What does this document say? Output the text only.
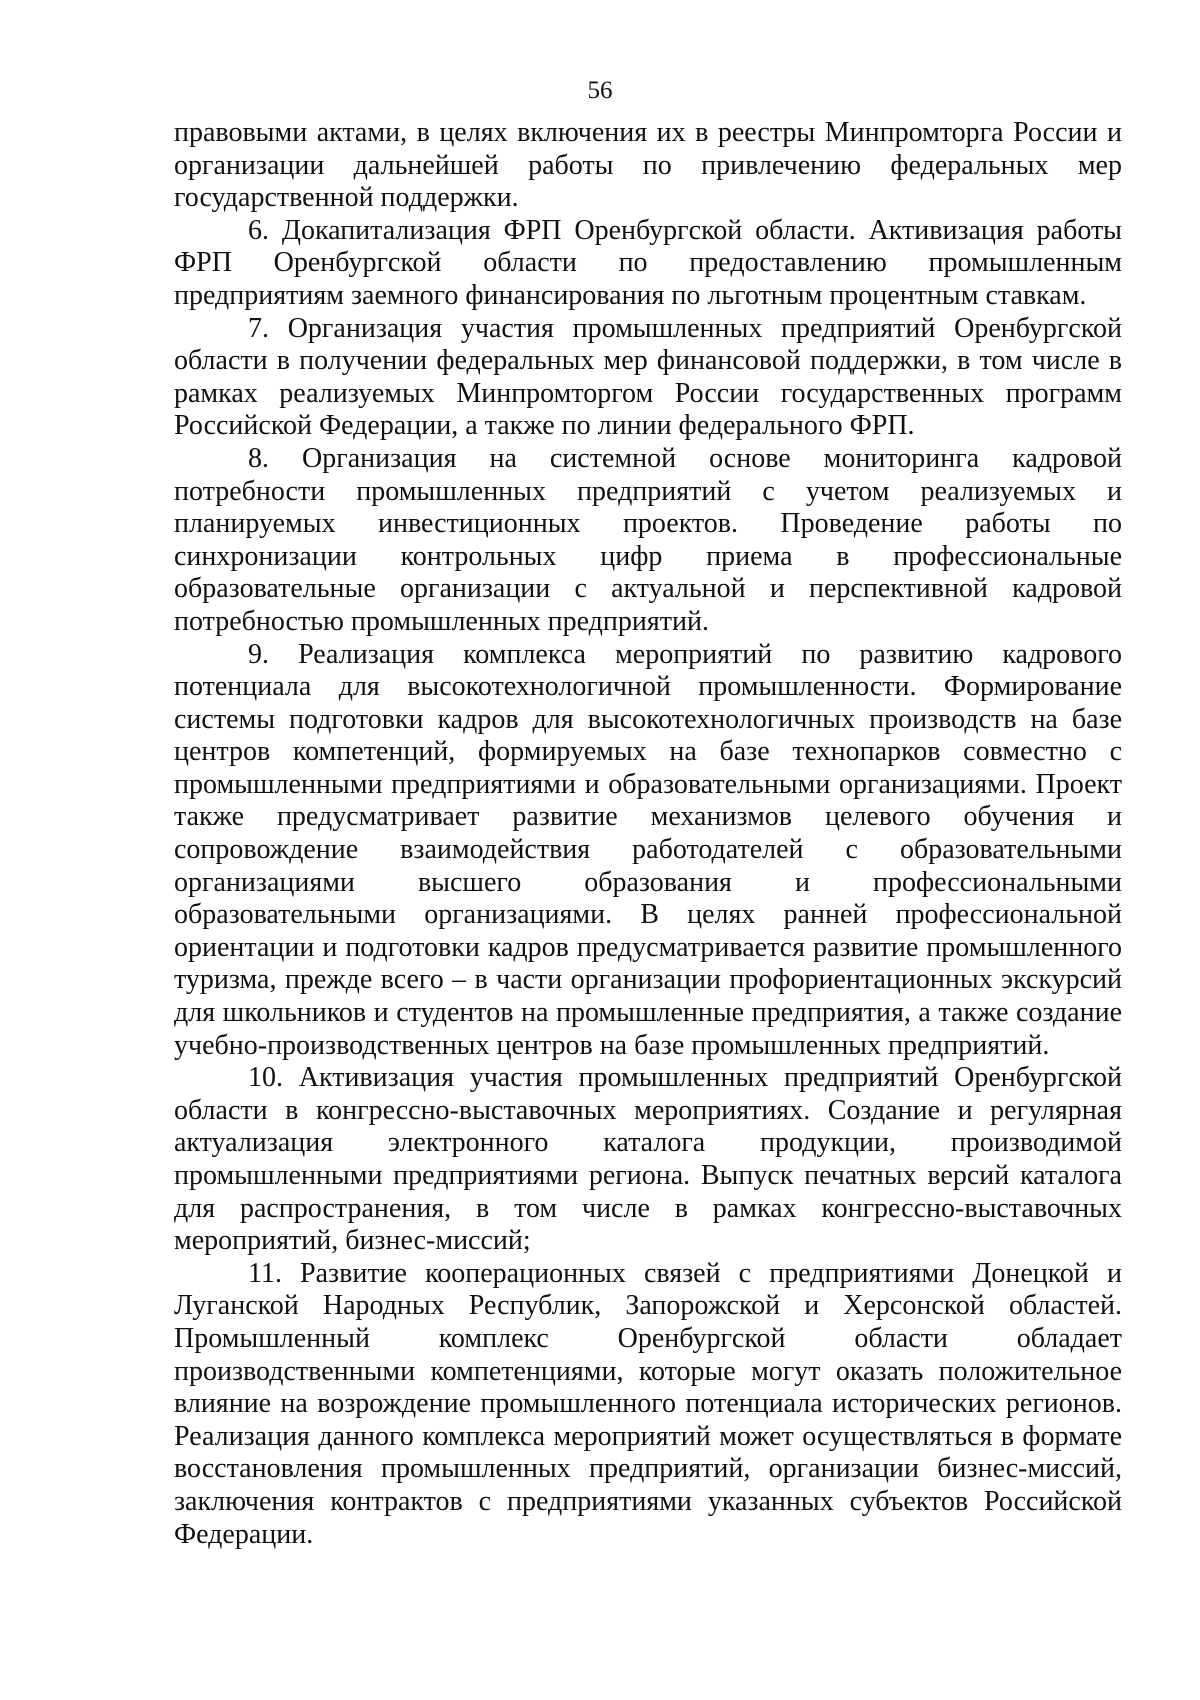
56

правовыми актами, в целях включения их в реестры Минпромторга России и организации дальнейшей работы по привлечению федеральных мер государственной поддержки.

6. Докапитализация ФРП Оренбургской области. Активизация работы ФРП Оренбургской области по предоставлению промышленным предприятиям заемного финансирования по льготным процентным ставкам.

7. Организация участия промышленных предприятий Оренбургской области в получении федеральных мер финансовой поддержки, в том числе в рамках реализуемых Минпромторгом России государственных программ Российской Федерации, а также по линии федерального ФРП.

8. Организация на системной основе мониторинга кадровой потребности промышленных предприятий с учетом реализуемых и планируемых инвестиционных проектов. Проведение работы по синхронизации контрольных цифр приема в профессиональные образовательные организации с актуальной и перспективной кадровой потребностью промышленных предприятий.

9. Реализация комплекса мероприятий по развитию кадрового потенциала для высокотехнологичной промышленности. Формирование системы подготовки кадров для высокотехнологичных производств на базе центров компетенций, формируемых на базе технопарков совместно с промышленными предприятиями и образовательными организациями. Проект также предусматривает развитие механизмов целевого обучения и сопровождение взаимодействия работодателей с образовательными организациями высшего образования и профессиональными образовательными организациями. В целях ранней профессиональной ориентации и подготовки кадров предусматривается развитие промышленного туризма, прежде всего – в части организации профориентационных экскурсий для школьников и студентов на промышленные предприятия, а также создание учебно-производственных центров на базе промышленных предприятий.

10. Активизация участия промышленных предприятий Оренбургской области в конгрессно-выставочных мероприятиях. Создание и регулярная актуализация электронного каталога продукции, производимой промышленными предприятиями региона. Выпуск печатных версий каталога для распространения, в том числе в рамках конгрессно-выставочных мероприятий, бизнес-миссий;

11. Развитие кооперационных связей с предприятиями Донецкой и Луганской Народных Республик, Запорожской и Херсонской областей. Промышленный комплекс Оренбургской области обладает производственными компетенциями, которые могут оказать положительное влияние на возрождение промышленного потенциала исторических регионов. Реализация данного комплекса мероприятий может осуществляться в формате восстановления промышленных предприятий, организации бизнес-миссий, заключения контрактов с предприятиями указанных субъектов Российской Федерации.
